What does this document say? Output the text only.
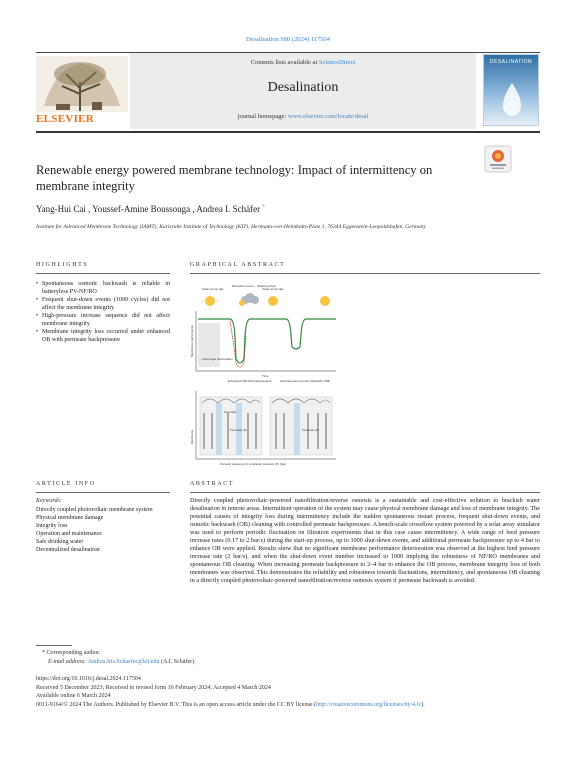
Desalination 580 (2024) 117504
ELSEVIER
Contents lists available at ScienceDirect
Desalination
journal homepage: www.elsevier.com/locate/desal
DESALINATION
Renewable energy powered membrane technology: Impact of intermittency on membrane integrity
Yang-Hui Cai , Youssef-Amine Boussouga , Andrea I. Schäfer *
Institute for Advanced Membrane Technology (IAMT), Karlsruhe Institute of Technology (KIT), Hermann-von-Helmholtz-Platz 1, 76344 Eggenstein-Leopoldshafen, Germany
HIGHLIGHTS
• Spontaneous osmotic backwash is reliable in batteryless PV-NF/RO
• Frequent shut-down events (1000 cycles) did not affect the membrane integrity
• High-pressure increase sequence did not affect membrane integrity
• Membrane integrity loss occurred under enhanced OB with permeate backpressure
GRAPHICAL ABSTRACT
Clear sunny day
Disruption event – Passing cloud
Clear sunny day
Membrane performance
Active layer deterioration
Time
Enhanced OB with backpressure	Spontaneous osmotic backwash (OB)
Membrane
Feed side
Permeate (P)	Permeate (P)
Osmotic pressure (π) Hydraulic pressure (P) (bar)
ARTICLE INFO
Keywords:
Directly coupled photovoltaic membrane system
Physical membrane damage
Integrity loss
Operation and maintenance
Safe drinking water
Decentralized desalination
ABSTRACT
Directly coupled photovoltaic-powered nanofiltration/reverse osmosis is a sustainable and cost-effective solution to brackish water desalination in remote areas. Intermittent operation of the system may cause physical membrane damage and loss of membrane integrity. The potential causes of integrity loss during intermittency include the sudden spontaneous restart process, frequent shut-down events, and osmotic backwash (OB) cleaning with controlled permeate backpressure. A bench-scale crossflow system powered by a solar array simulator was used to perform periodic fluctuation on filtration experiments that in this case cause intermittency. A wide range of feed pressure increase rates (0.17 to 2 bar/s) during the start-up process, up to 1000 shut-down events, and additional permeate backpressure up to 4 bar to enhance OB were applied. Results show that no significant membrane performance deterioration was observed at the highest feed pressure increase rate (2 bar/s), and when the shut-down event number increased to 1000 implying the robustness of NF/RO membranes and spontaneous OB cleaning. When increasing permeate backpressure to 2–4 bar to enhance the OB process, membrane integrity loss of both membranes was observed. This demonstrates the reliability and robustness towards fluctuations, intermittency, and spontaneous OB cleaning in a directly coupled photovoltaic-powered nanofiltration/reverse osmosis system if permeate backwash is avoided.
* Corresponding author.
E-mail address: Andrea.Iris.Schaefer@kit.edu (A.I. Schäfer).
https://doi.org/10.1016/j.desal.2024.117504
Received 5 December 2023; Received in revised form 16 February 2024; Accepted 4 March 2024
Available online 6 March 2024
0011-9164/© 2024 The Authors. Published by Elsevier B.V. This is an open access article under the CC BY license (http://creativecommons.org/licenses/by/4.0/).
